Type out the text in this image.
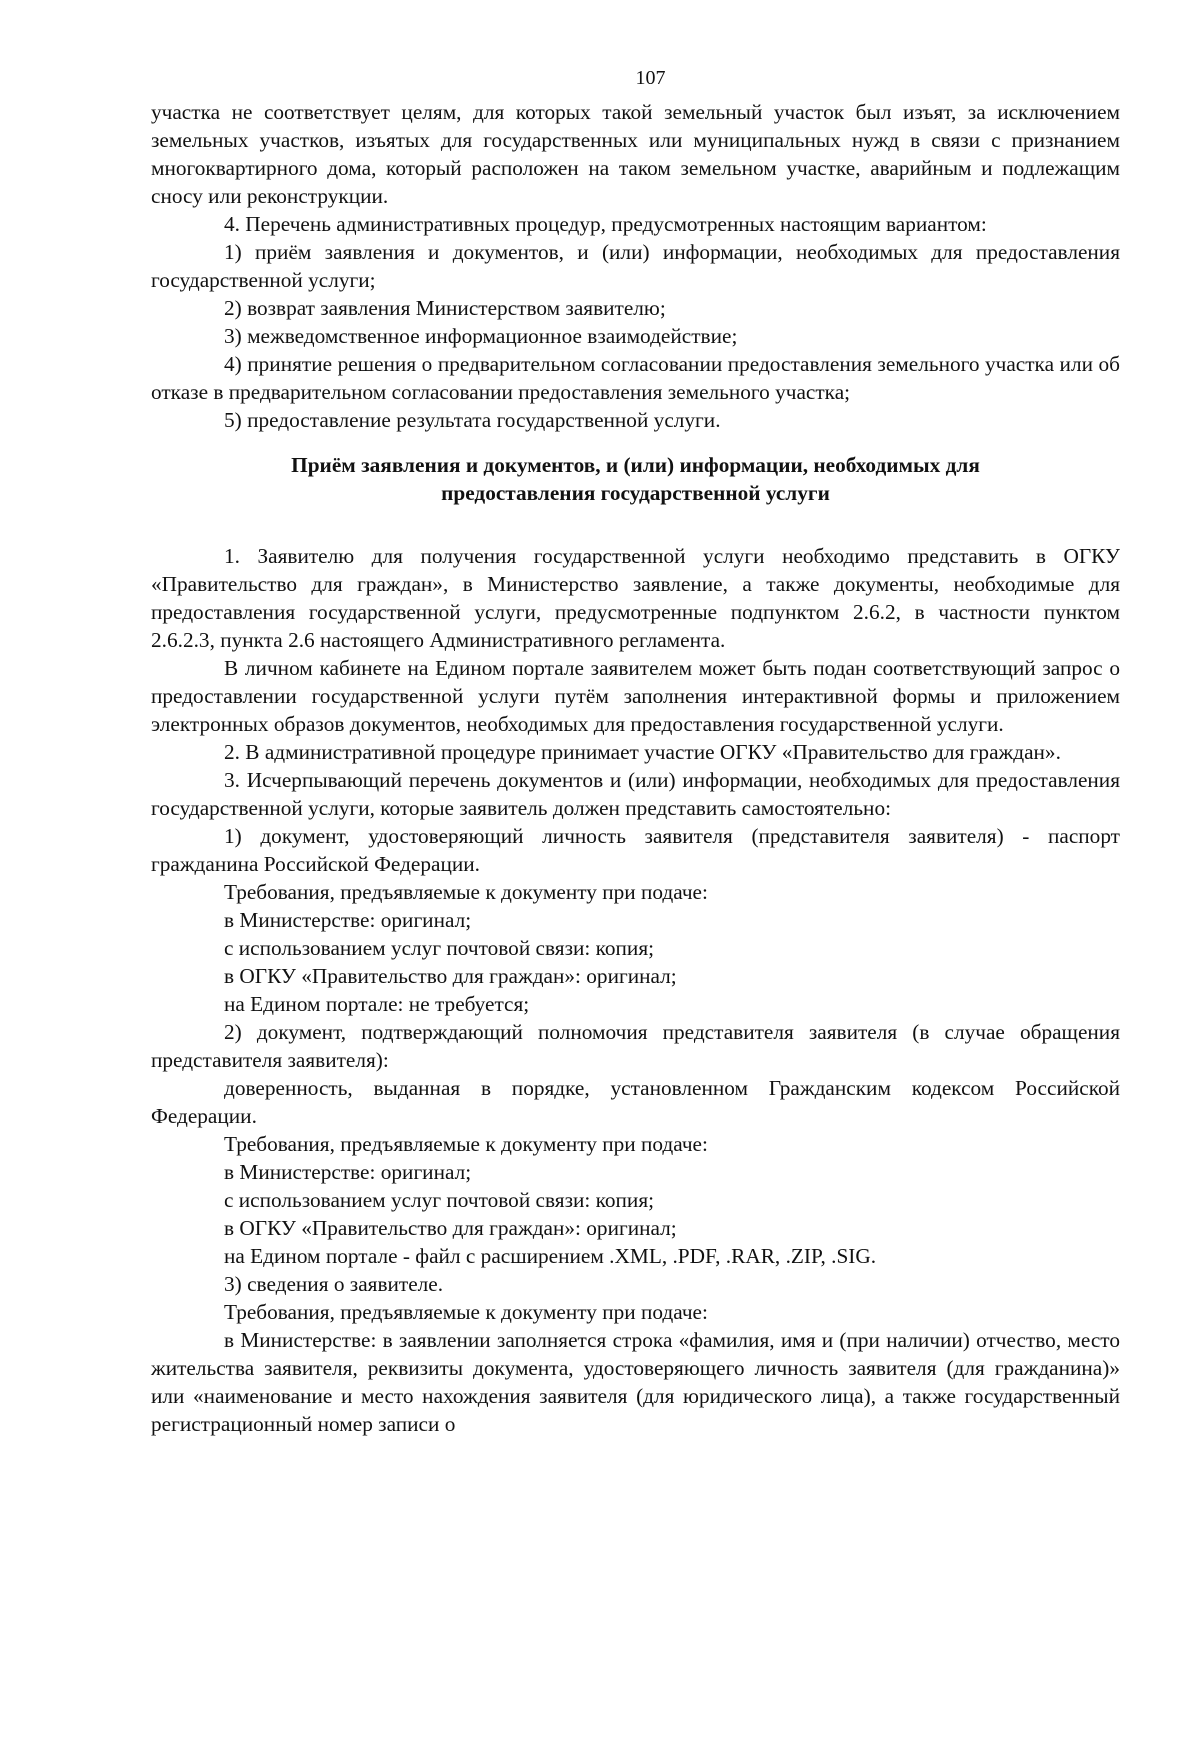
107

участка не соответствует целям, для которых такой земельный участок был изъят, за исключением земельных участков, изъятых для государственных или муниципальных нужд в связи с признанием многоквартирного дома, который расположен на таком земельном участке, аварийным и подлежащим сносу или реконструкции.

4. Перечень административных процедур, предусмотренных настоящим вариантом:

1) приём заявления и документов, и (или) информации, необходимых для предоставления государственной услуги;

2) возврат заявления Министерством заявителю;

3) межведомственное информационное взаимодействие;

4) принятие решения о предварительном согласовании предоставления земельного участка или об отказе в предварительном согласовании предоставления земельного участка;

5) предоставление результата государственной услуги.

Приём заявления и документов, и (или) информации, необходимых для предоставления государственной услуги

1. Заявителю для получения государственной услуги необходимо представить в ОГКУ «Правительство для граждан», в Министерство заявление, а также документы, необходимые для предоставления государственной услуги, предусмотренные подпунктом 2.6.2, в частности пунктом 2.6.2.3, пункта 2.6 настоящего Административного регламента.

В личном кабинете на Едином портале заявителем может быть подан соответствующий запрос о предоставлении государственной услуги путём заполнения интерактивной формы и приложением электронных образов документов, необходимых для предоставления государственной услуги.

2. В административной процедуре принимает участие ОГКУ «Правительство для граждан».

3. Исчерпывающий перечень документов и (или) информации, необходимых для предоставления государственной услуги, которые заявитель должен представить самостоятельно:

1) документ, удостоверяющий личность заявителя (представителя заявителя) - паспорт гражданина Российской Федерации.

Требования, предъявляемые к документу при подаче:

в Министерстве: оригинал;

с использованием услуг почтовой связи: копия;

в ОГКУ «Правительство для граждан»: оригинал;

на Едином портале: не требуется;

2) документ, подтверждающий полномочия представителя заявителя (в случае обращения представителя заявителя):

доверенность, выданная в порядке, установленном Гражданским кодексом Российской Федерации.

Требования, предъявляемые к документу при подаче:

в Министерстве: оригинал;

с использованием услуг почтовой связи: копия;

в ОГКУ «Правительство для граждан»: оригинал;

на Едином портале - файл с расширением .XML, .PDF, .RAR, .ZIP, .SIG.

3) сведения о заявителе.

Требования, предъявляемые к документу при подаче:

в Министерстве: в заявлении заполняется строка «фамилия, имя и (при наличии) отчество, место жительства заявителя, реквизиты документа, удостоверяющего личность заявителя (для гражданина)» или «наименование и место нахождения заявителя (для юридического лица), а также государственный регистрационный номер записи о
